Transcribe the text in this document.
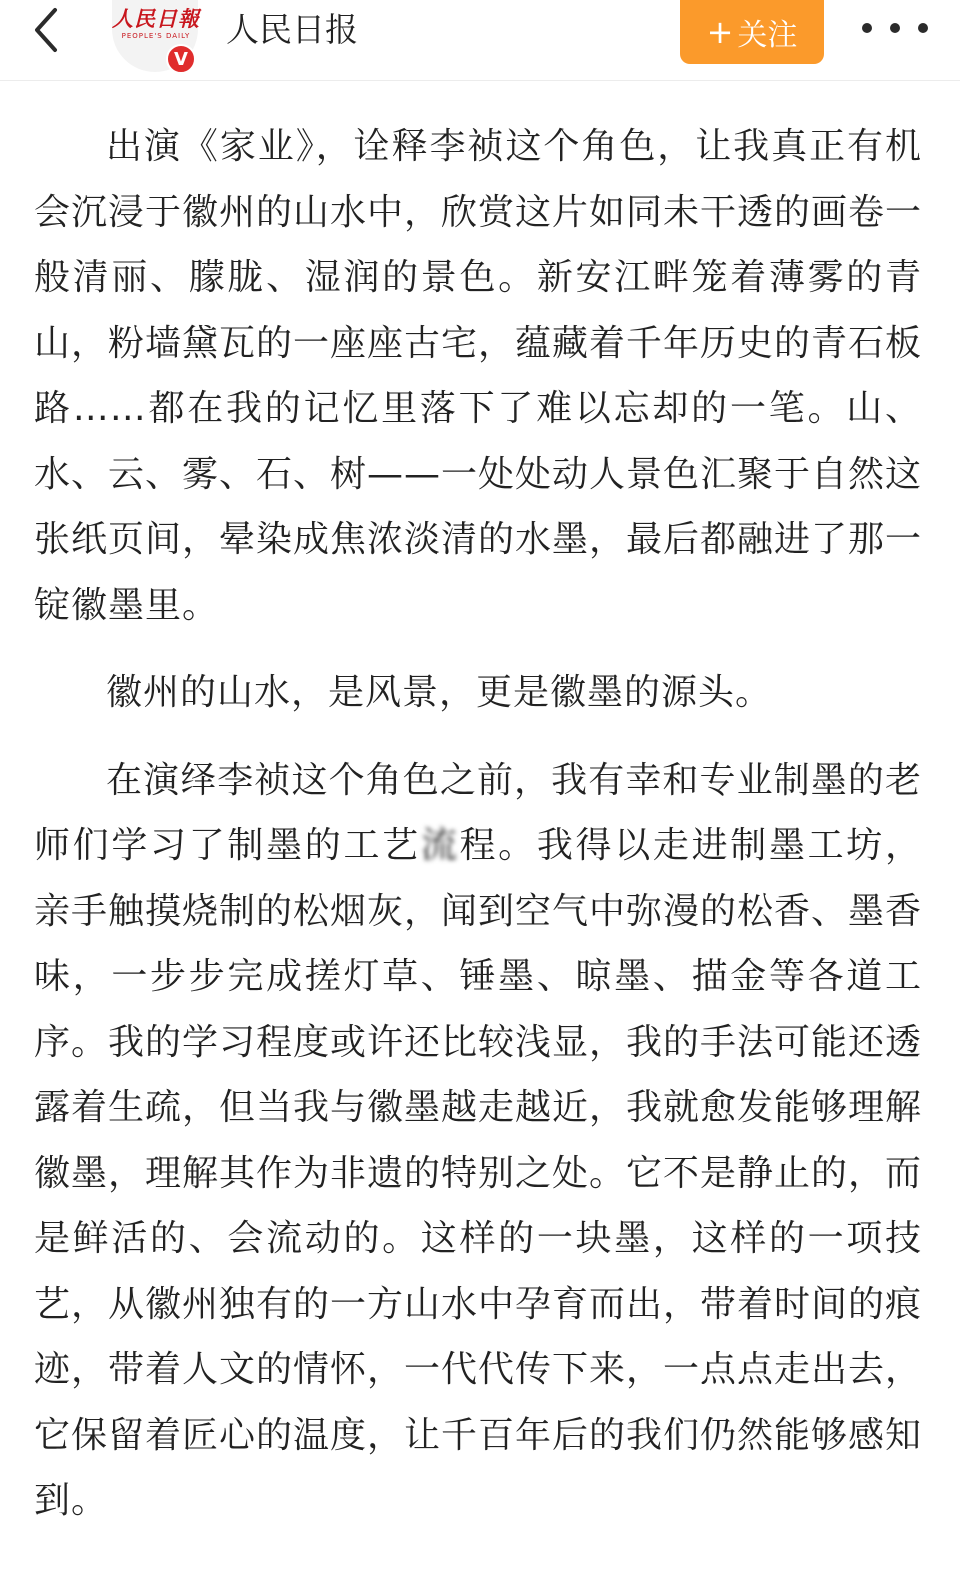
人民日報
PEOPLE'S DAILY
V
人民日报	+ 关注

出演《家业》，诠释李祯这个角色，让我真正有机会沉浸于徽州的山水中，欣赏这片如同未干透的画卷一般清丽、朦胧、湿润的景色。新安江畔笼着薄雾的青山，粉墙黛瓦的一座座古宅，蕴藏着千年历史的青石板路……都在我的记忆里落下了难以忘却的一笔。山、水、云、雾、石、树——一处处动人景色汇聚于自然这张纸页间，晕染成焦浓淡清的水墨，最后都融进了那一锭徽墨里。

徽州的山水，是风景，更是徽墨的源头。

在演绎李祯这个角色之前，我有幸和专业制墨的老师们学习了制墨的工艺流程。我得以走进制墨工坊，亲手触摸烧制的松烟灰，闻到空气中弥漫的松香、墨香味，一步步完成搓灯草、锤墨、晾墨、描金等各道工序。我的学习程度或许还比较浅显，我的手法可能还透露着生疏，但当我与徽墨越走越近，我就愈发能够理解徽墨，理解其作为非遗的特别之处。它不是静止的，而是鲜活的、会流动的。这样的一块墨，这样的一项技艺，从徽州独有的一方山水中孕育而出，带着时间的痕迹，带着人文的情怀，一代代传下来，一点点走出去，它保留着匠心的温度，让千百年后的我们仍然能够感知到。
